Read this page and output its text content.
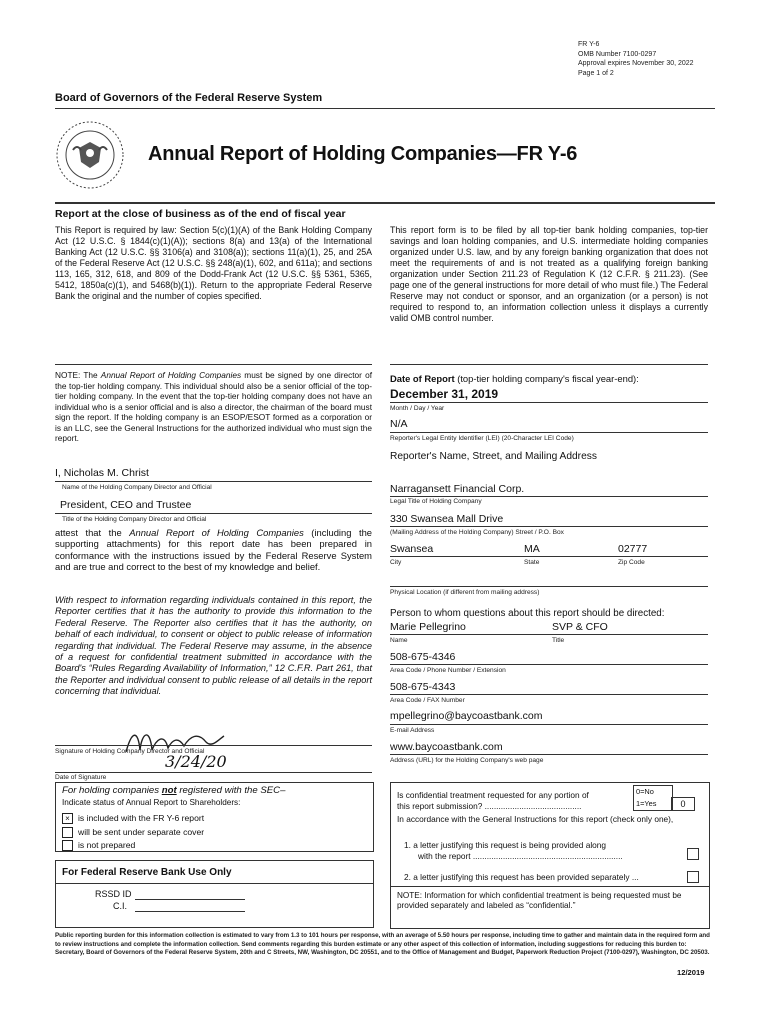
FR Y-6
OMB Number 7100-0297
Approval expires November 30, 2022
Page 1 of 2
Board of Governors of the Federal Reserve System
Annual Report of Holding Companies—FR Y-6
Report at the close of business as of the end of fiscal year
This Report is required by law: Section 5(c)(1)(A) of the Bank Holding Company Act (12 U.S.C. § 1844(c)(1)(A)); sections 8(a) and 13(a) of the International Banking Act (12 U.S.C. §§ 3106(a) and 3108(a)); sections 11(a)(1), 25, and 25A of the Federal Reserve Act (12 U.S.C. §§ 248(a)(1), 602, and 611a); and sections 113, 165, 312, 618, and 809 of the Dodd-Frank Act (12 U.S.C. §§ 5361, 5365, 5412, 1850a(c)(1), and 5468(b)(1)). Return to the appropriate Federal Reserve Bank the original and the number of copies specified.
This report form is to be filed by all top-tier bank holding companies, top-tier savings and loan holding companies, and U.S. intermediate holding companies organized under U.S. law, and by any foreign banking organization that does not meet the requirements of and is not treated as a qualifying foreign banking organization under Section 211.23 of Regulation K (12 C.F.R. § 211.23). (See page one of the general instructions for more detail of who must file.) The Federal Reserve may not conduct or sponsor, and an organization (or a person) is not required to respond to, an information collection unless it displays a currently valid OMB control number.
NOTE: The Annual Report of Holding Companies must be signed by one director of the top-tier holding company. This individual should also be a senior official of the top-tier holding company. In the event that the top-tier holding company does not have an individual who is a senior official and is also a director, the chairman of the board must sign the report. If the holding company is an ESOP/ESOT formed as a corporation or is an LLC, see the General Instructions for the authorized individual who must sign the report.
I, Nicholas M. Christ
Name of the Holding Company Director and Official
President, CEO and Trustee
Title of the Holding Company Director and Official
attest that the Annual Report of Holding Companies (including the supporting attachments) for this report date has been prepared in conformance with the instructions issued by the Federal Reserve System and are true and correct to the best of my knowledge and belief.
With respect to information regarding individuals contained in this report, the Reporter certifies that it has the authority to provide this information to the Federal Reserve. The Reporter also certifies that it has the authority, on behalf of each individual, to consent or object to public release of information regarding that individual. The Federal Reserve may assume, in the absence of a request for confidential treatment submitted in accordance with the Board's “Rules Regarding Availability of Information,” 12 C.F.R. Part 261, that the Reporter and individual consent to public release of all details in the report concerning that individual.
Signature of Holding Company Director and Official
3/24/20
Date of Signature
For holding companies not registered with the SEC–
Indicate status of Annual Report to Shareholders:
× is included with the FR Y-6 report
will be sent under separate cover
is not prepared
For Federal Reserve Bank Use Only
RSSD ID
C.I.
Date of Report (top-tier holding company's fiscal year-end):
December 31, 2019
Month / Day / Year
N/A
Reporter's Legal Entity Identifier (LEI) (20-Character LEI Code)
Reporter's Name, Street, and Mailing Address
Narragansett Financial Corp.
Legal Title of Holding Company
330 Swansea Mall Drive
(Mailing Address of the Holding Company) Street / P.O. Box
Swansea	MA	02777
City	State	Zip Code
Physical Location (if different from mailing address)
Person to whom questions about this report should be directed:
Marie Pellegrino	SVP & CFO
Name	Title
508-675-4346
Area Code / Phone Number / Extension
508-675-4343
Area Code / FAX Number
mpellegrino@baycoastbank.com
E-mail Address
www.baycoastbank.com
Address (URL) for the Holding Company's web page
Is confidential treatment requested for any portion of
this report submission? ..........................................
0=No
1=Yes	0
In accordance with the General Instructions for this report (check only one),
1. a letter justifying this request is being provided along
with the report .................................................................
2. a letter justifying this request has been provided separately ...
NOTE: Information for which confidential treatment is being requested must be provided separately and labeled as “confidential.”
Public reporting burden for this information collection is estimated to vary from 1.3 to 101 hours per response, with an average of 5.50 hours per response, including time to gather and maintain data in the required form and to review instructions and complete the information collection. Send comments regarding this burden estimate or any other aspect of this collection of information, including suggestions for reducing this burden to: Secretary, Board of Governors of the Federal Reserve System, 20th and C Streets, NW, Washington, DC 20551, and to the Office of Management and Budget, Paperwork Reduction Project (7100-0297), Washington, DC 20503.
12/2019
